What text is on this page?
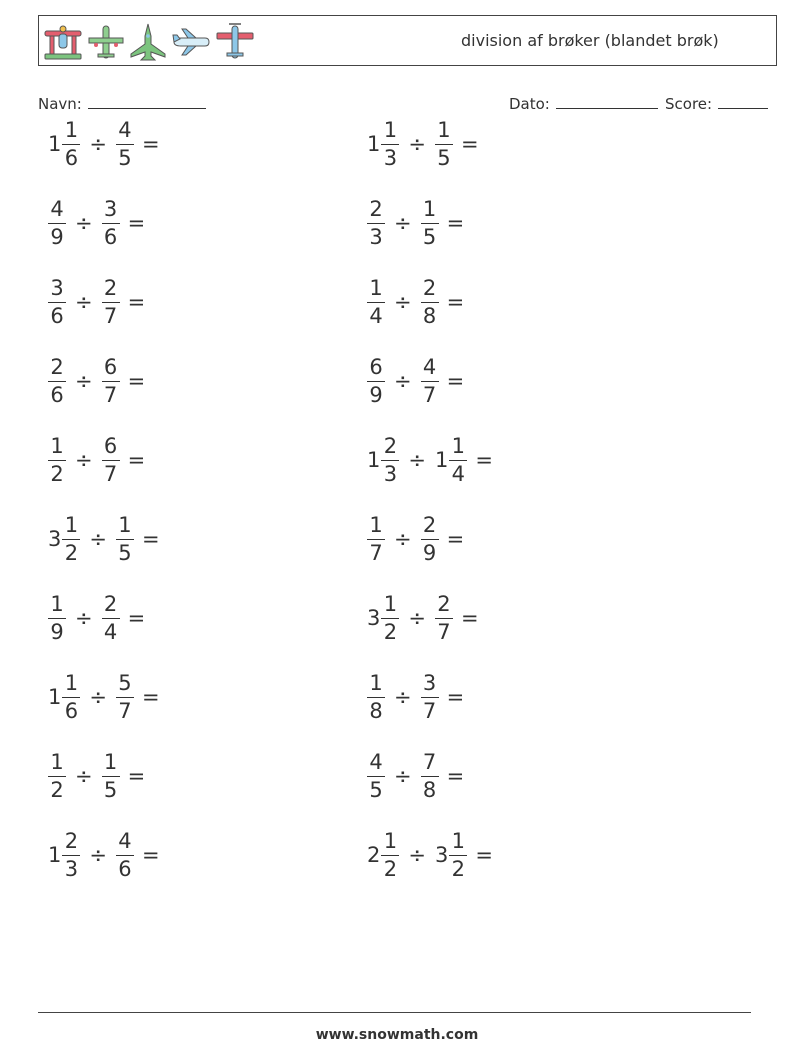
division af brøker (blandet brøk)
Navn:	Dato:	Score:
$1 \frac{1}{6} \div \frac{4}{5}$ =	$1 \frac{1}{3} \div \frac{1}{5}$ =
$\frac{4}{9} \div \frac{3}{6}$ =	$\frac{2}{3} \div \frac{1}{5}$ =
$\frac{3}{6} \div \frac{2}{7}$ =	$\frac{1}{4} \div \frac{2}{8}$ =
$\frac{2}{6} \div \frac{6}{7}$ =	$\frac{6}{9} \div \frac{4}{7}$ =
$\frac{1}{2} \div \frac{6}{7}$ =	$1 \frac{2}{3} \div 1 \frac{1}{4}$ =
$3 \frac{1}{2} \div \frac{1}{5}$ =	$\frac{1}{7} \div \frac{2}{9}$ =
$\frac{1}{9} \div \frac{2}{4}$ =	$3 \frac{1}{2} \div \frac{2}{7}$ =
$1 \frac{1}{6} \div \frac{5}{7}$ =	$\frac{1}{8} \div \frac{3}{7}$ =
$\frac{1}{2} \div \frac{1}{5}$ =	$\frac{4}{5} \div \frac{7}{8}$ =
$1 \frac{2}{3} \div \frac{4}{6}$ =	$2 \frac{1}{2} \div 3 \frac{1}{2}$ =
www.snowmath.com
